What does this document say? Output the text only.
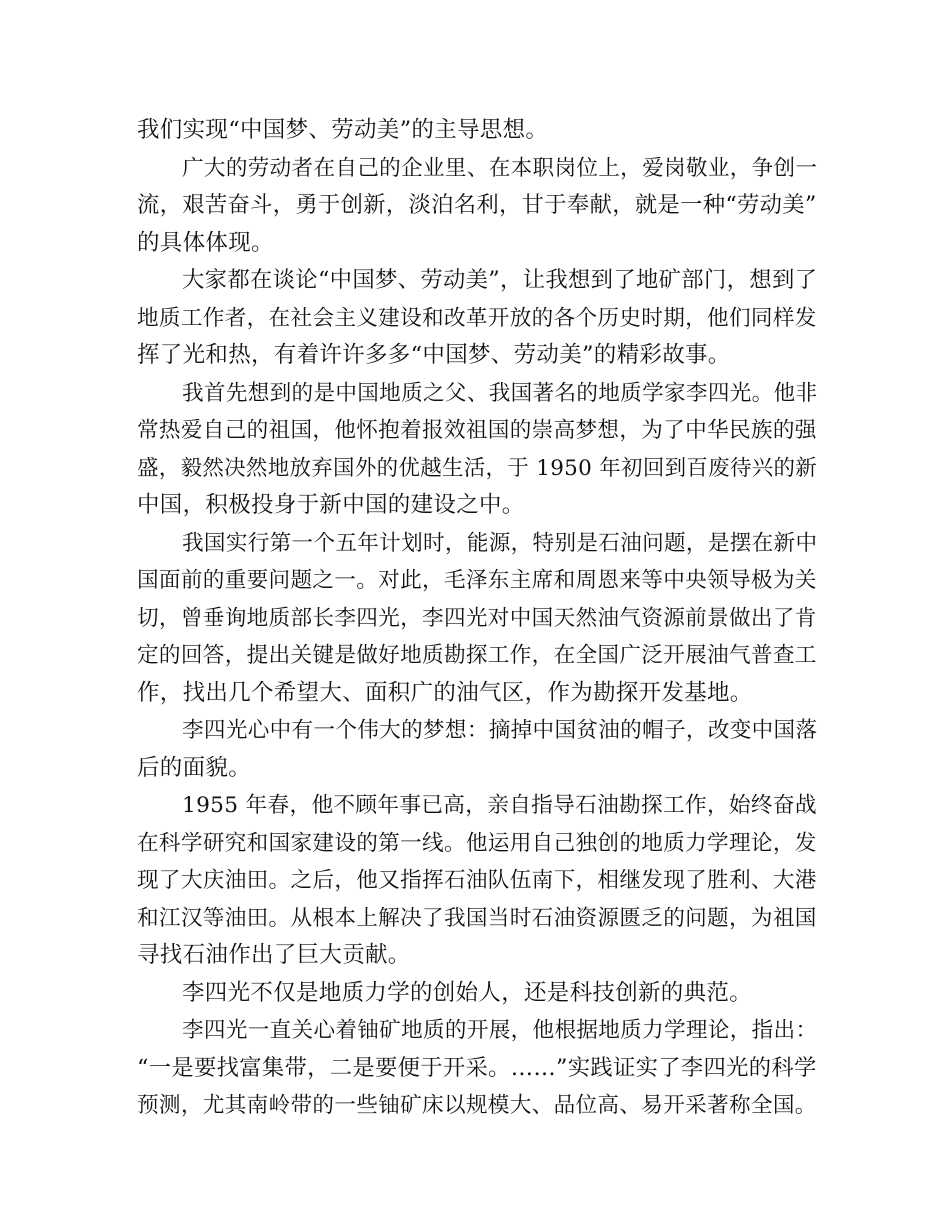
我们实现“中国梦、劳动美”的主导思想。
广大的劳动者在自己的企业里、在本职岗位上，爱岗敬业，争创一
流，艰苦奋斗，勇于创新，淡泊名利，甘于奉献，就是一种“劳动美”
的具体体现。
大家都在谈论“中国梦、劳动美”，让我想到了地矿部门，想到了
地质工作者，在社会主义建设和改革开放的各个历史时期，他们同样发
挥了光和热，有着许许多多“中国梦、劳动美”的精彩故事。
我首先想到的是中国地质之父、我国著名的地质学家李四光。他非
常热爱自己的祖国，他怀抱着报效祖国的崇高梦想，为了中华民族的强
盛，毅然决然地放弃国外的优越生活，于 1950 年初回到百废待兴的新
中国，积极投身于新中国的建设之中。
我国实行第一个五年计划时，能源，特别是石油问题，是摆在新中
国面前的重要问题之一。对此，毛泽东主席和周恩来等中央领导极为关
切，曾垂询地质部长李四光，李四光对中国天然油气资源前景做出了肯
定的回答，提出关键是做好地质勘探工作，在全国广泛开展油气普查工
作，找出几个希望大、面积广的油气区，作为勘探开发基地。
李四光心中有一个伟大的梦想：摘掉中国贫油的帽子，改变中国落
后的面貌。
1955 年春，他不顾年事已高，亲自指导石油勘探工作，始终奋战
在科学研究和国家建设的第一线。他运用自己独创的地质力学理论，发
现了大庆油田。之后，他又指挥石油队伍南下，相继发现了胜利、大港
和江汉等油田。从根本上解决了我国当时石油资源匮乏的问题，为祖国
寻找石油作出了巨大贡献。
李四光不仅是地质力学的创始人，还是科技创新的典范。
李四光一直关心着铀矿地质的开展，他根据地质力学理论，指出：
“一是要找富集带，二是要便于开采。……”实践证实了李四光的科学
预测，尤其南岭带的一些铀矿床以规模大、品位高、易开采著称全国。
